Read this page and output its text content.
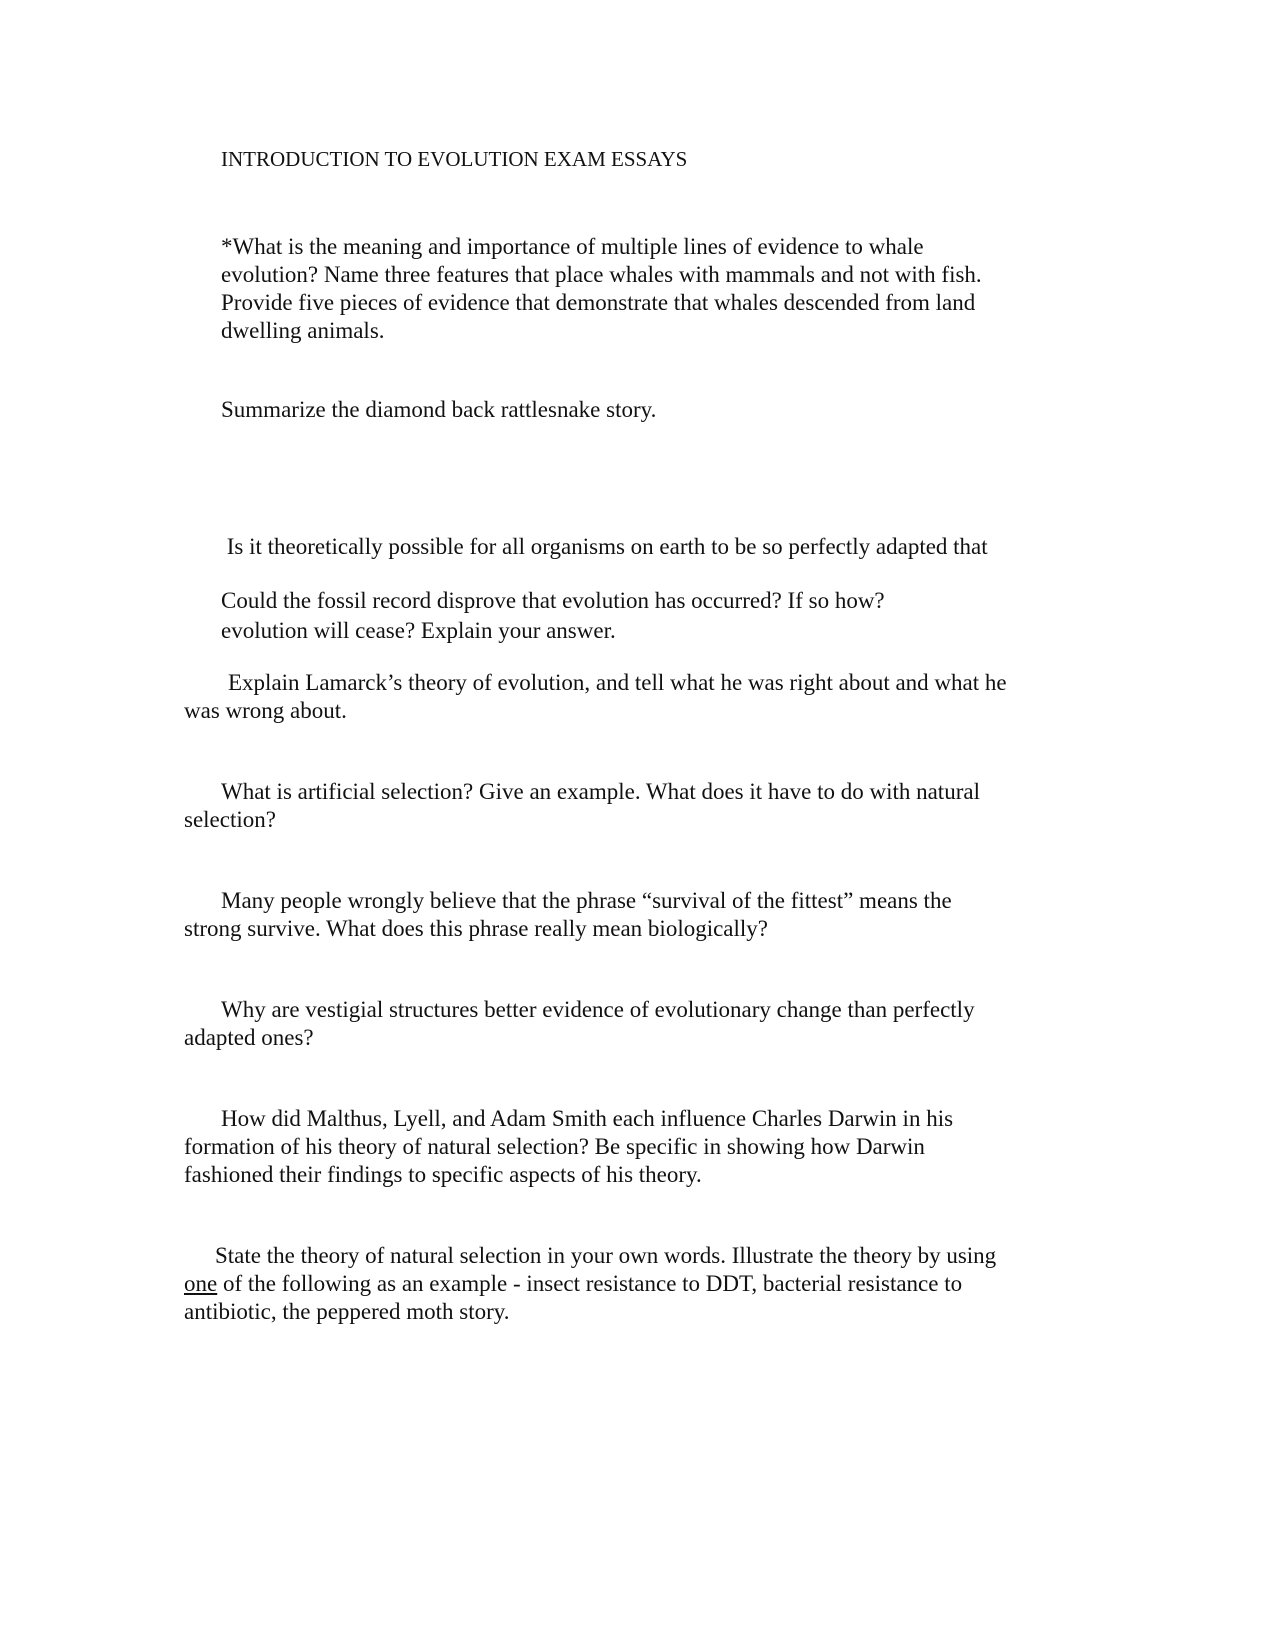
INTRODUCTION TO EVOLUTION EXAM ESSAYS
*What is the meaning and importance of multiple lines of evidence to whale
evolution? Name three features that place whales with mammals and not with fish.
Provide five pieces of evidence that demonstrate that whales descended from land
dwelling animals.
Summarize the diamond back rattlesnake story.

Is it theoretically possible for all organisms on earth to be so perfectly adapted that

evolution will cease? Explain your answer.

Could the fossil record disprove that evolution has occurred? If so how?
Explain Lamarck’s theory of evolution, and tell what he was right about and what he
was wrong about.
What is artificial selection? Give an example. What does it have to do with natural
selection?
Many people wrongly believe that the phrase “survival of the fittest” means the
strong survive. What does this phrase really mean biologically?
Why are vestigial structures better evidence of evolutionary change than perfectly
adapted ones?
How did Malthus, Lyell, and Adam Smith each influence Charles Darwin in his
formation of his theory of natural selection? Be specific in showing how Darwin
fashioned their findings to specific aspects of his theory.
State the theory of natural selection in your own words. Illustrate the theory by using
one of the following as an example - insect resistance to DDT, bacterial resistance to
antibiotic, the peppered moth story.
